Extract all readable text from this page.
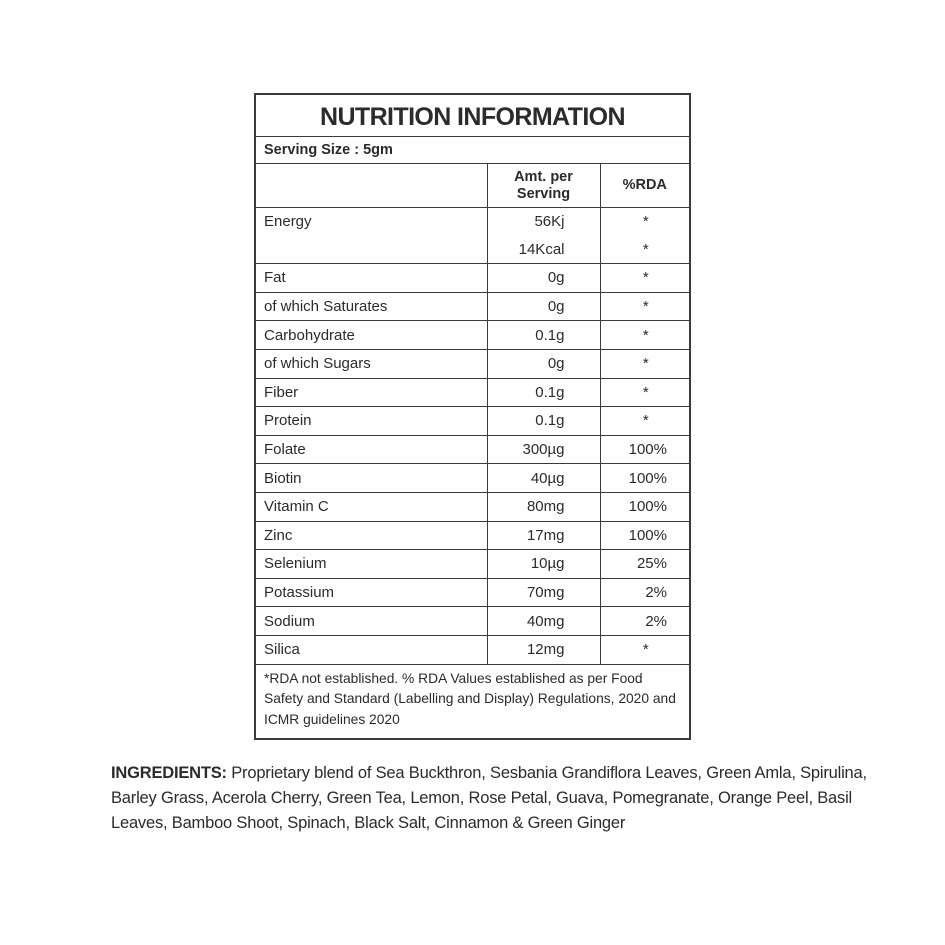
NUTRITION INFORMATION
Serving Size : 5gm
	Amt. per Serving	%RDA
Energy	56Kj	*
	14Kcal	*
Fat	0g	*
of which Saturates	0g	*
Carbohydrate	0.1g	*
of which Sugars	0g	*
Fiber	0.1g	*
Protein	0.1g	*
Folate	300µg	100%
Biotin	40µg	100%
Vitamin C	80mg	100%
Zinc	17mg	100%
Selenium	10µg	25%
Potassium	70mg	2%
Sodium	40mg	2%
Silica	12mg	*
*RDA not established. % RDA Values established as per Food Safety and Standard (Labelling and Display) Regulations, 2020 and ICMR guidelines 2020
INGREDIENTS: Proprietary blend of Sea Buckthron, Sesbania Grandiflora Leaves, Green Amla, Spirulina, Barley Grass, Acerola Cherry, Green Tea, Lemon, Rose Petal, Guava, Pomegranate, Orange Peel, Basil Leaves, Bamboo Shoot, Spinach, Black Salt, Cinnamon & Green Ginger
